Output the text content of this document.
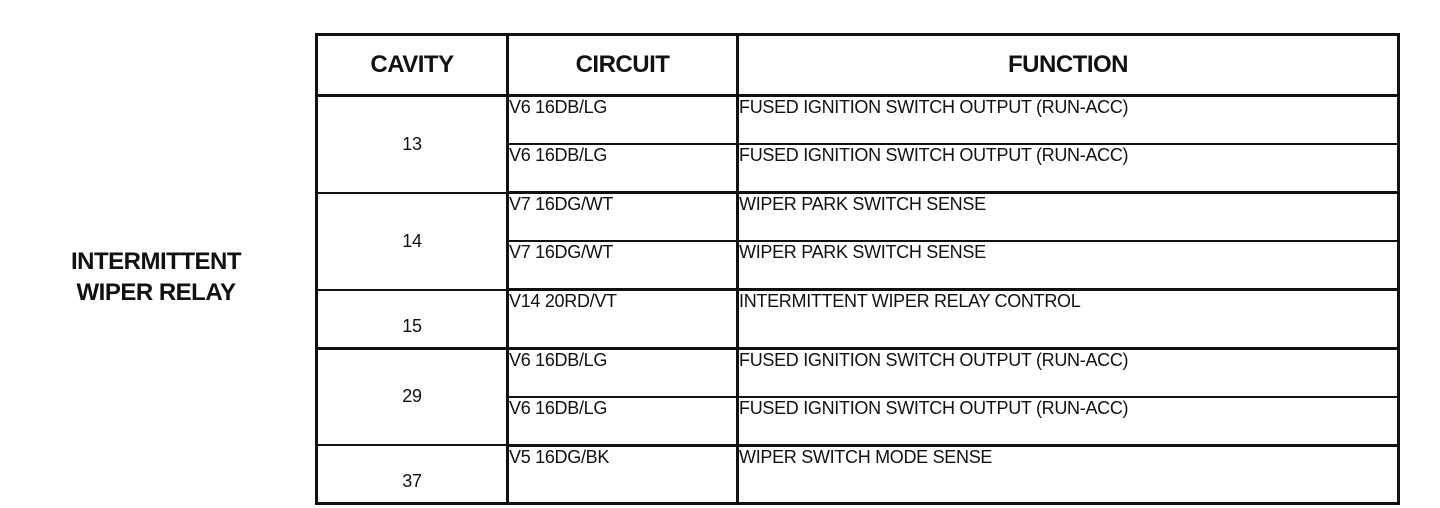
INTERMITTENT
WIPER RELAY
CAVITY	CIRCUIT	FUNCTION
13	V6 16DB/LG	FUSED IGNITION SWITCH OUTPUT (RUN-ACC)
	V6 16DB/LG	FUSED IGNITION SWITCH OUTPUT (RUN-ACC)
14	V7 16DG/WT	WIPER PARK SWITCH SENSE
	V7 16DG/WT	WIPER PARK SWITCH SENSE
15	V14 20RD/VT	INTERMITTENT WIPER RELAY CONTROL
29	V6 16DB/LG	FUSED IGNITION SWITCH OUTPUT (RUN-ACC)
	V6 16DB/LG	FUSED IGNITION SWITCH OUTPUT (RUN-ACC)
37	V5 16DG/BK	WIPER SWITCH MODE SENSE
